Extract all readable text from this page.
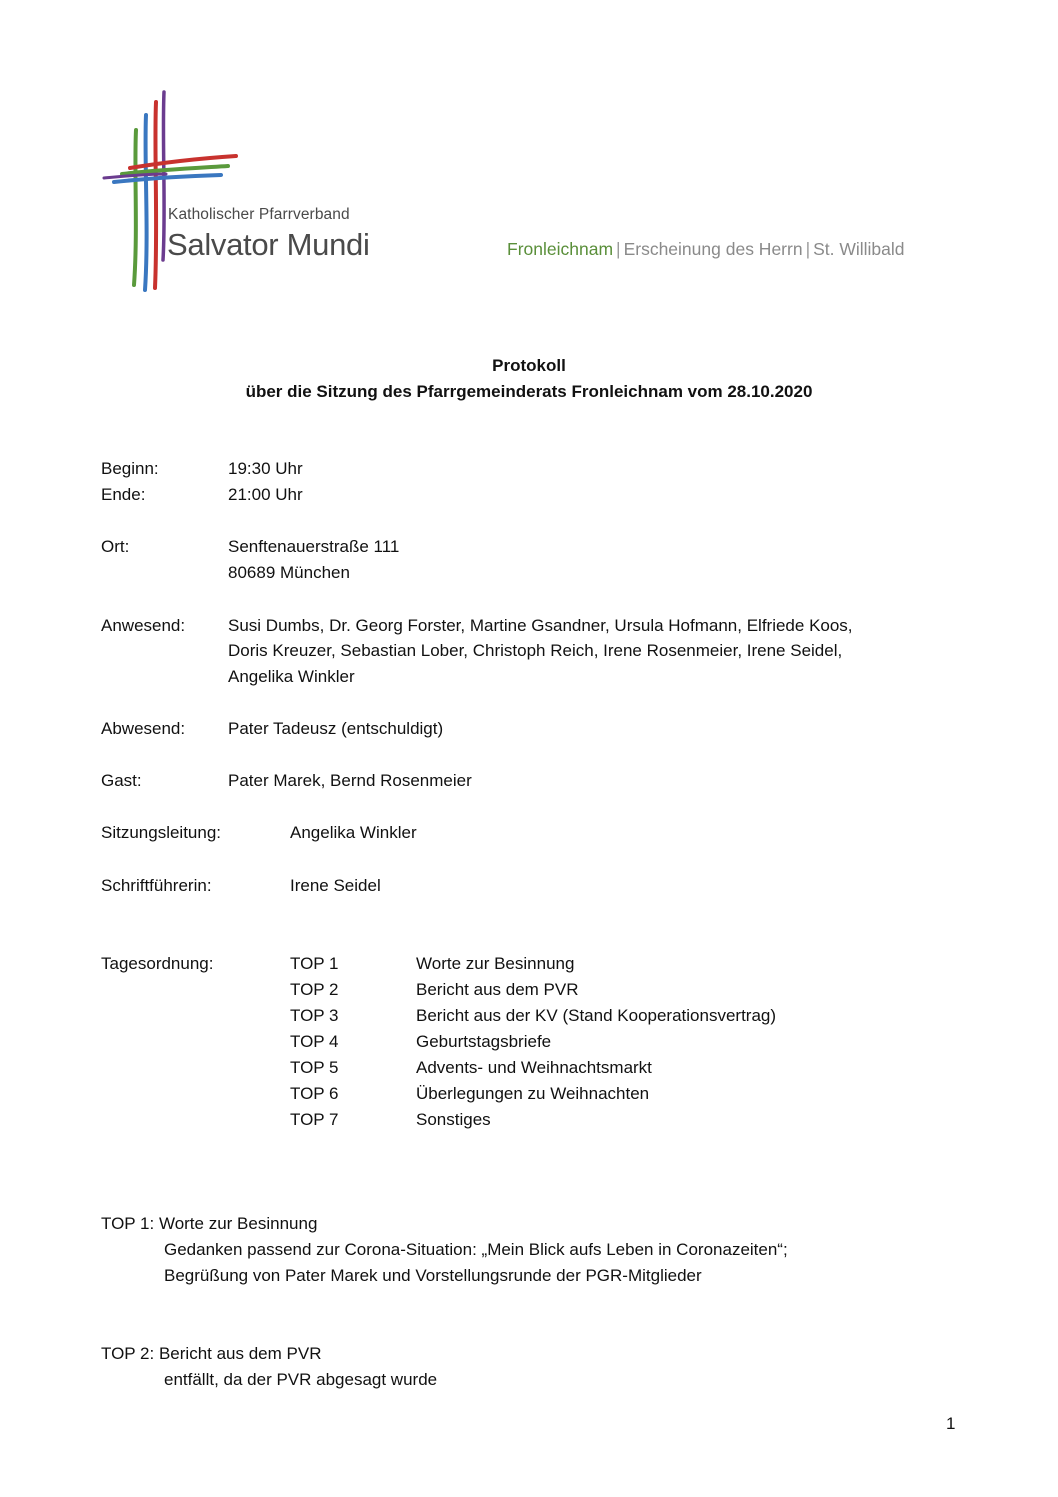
Katholischer Pfarrverband
Salvator Mundi	Fronleichnam | Erscheinung des Herrn | St. Willibald
Protokoll
über die Sitzung des Pfarrgemeinderats Fronleichnam vom 28.10.2020
Beginn:	19:30 Uhr
Ende:	21:00 Uhr
Ort:	Senftenauerstraße 111
80689 München
Anwesend:	Susi Dumbs, Dr. Georg Forster, Martine Gsandner, Ursula Hofmann, Elfriede Koos,
Doris Kreuzer, Sebastian Lober, Christoph Reich, Irene Rosenmeier, Irene Seidel,
Angelika Winkler
Abwesend:	Pater Tadeusz (entschuldigt)
Gast:	Pater Marek, Bernd Rosenmeier
Sitzungsleitung:	Angelika Winkler
Schriftführerin:	Irene Seidel
Tagesordnung:	TOP 1	Worte zur Besinnung
TOP 2	Bericht aus dem PVR
TOP 3	Bericht aus der KV (Stand Kooperationsvertrag)
TOP 4	Geburtstagsbriefe
TOP 5	Advents- und Weihnachtsmarkt
TOP 6	Überlegungen zu Weihnachten
TOP 7	Sonstiges
TOP 1: Worte zur Besinnung
Gedanken passend zur Corona-Situation: „Mein Blick aufs Leben in Coronazeiten“;
Begrüßung von Pater Marek und Vorstellungsrunde der PGR-Mitglieder
TOP 2: Bericht aus dem PVR
entfällt, da der PVR abgesagt wurde
1
